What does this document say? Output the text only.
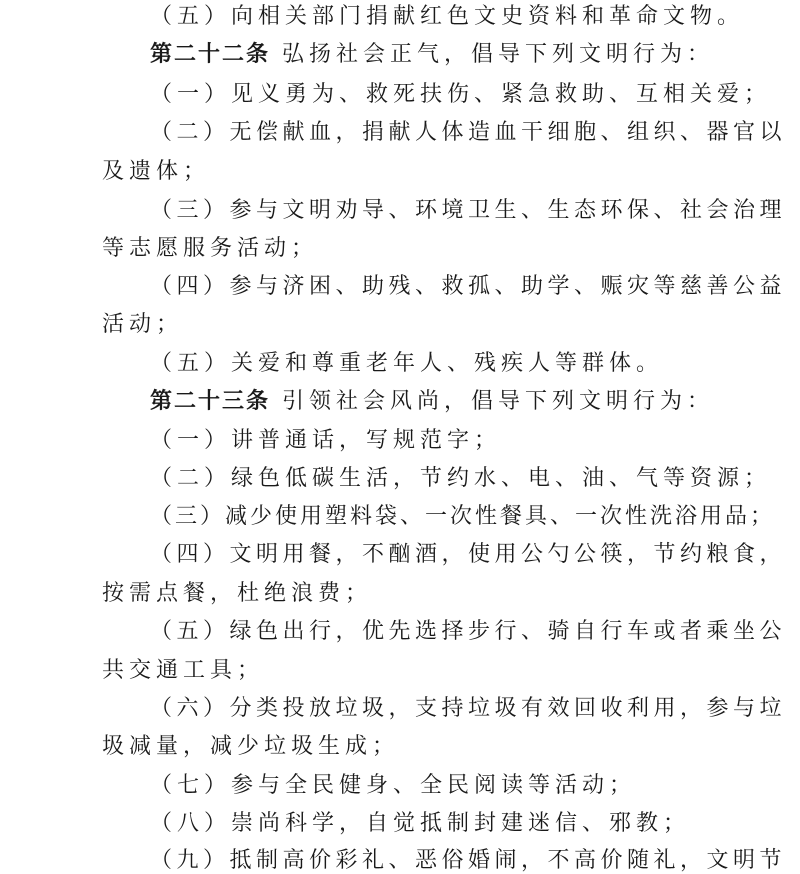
（五）向相关部门捐献红色文史资料和革命文物。
第二十二条 弘扬社会正气，倡导下列文明行为：
（一）见义勇为、救死扶伤、紧急救助、互相关爱；
（二）无偿献血，捐献人体造血干细胞、组织、器官以
及遗体；
（三）参与文明劝导、环境卫生、生态环保、社会治理
等志愿服务活动；
（四）参与济困、助残、救孤、助学、赈灾等慈善公益
活动；
（五）关爱和尊重老年人、残疾人等群体。
第二十三条 引领社会风尚，倡导下列文明行为：
（一）讲普通话，写规范字；
（二）绿色低碳生活，节约水、电、油、气等资源；
（三）减少使用塑料袋、一次性餐具、一次性洗浴用品；
（四）文明用餐，不酗酒，使用公勺公筷，节约粮食，
按需点餐，杜绝浪费；
（五）绿色出行，优先选择步行、骑自行车或者乘坐公
共交通工具；
（六）分类投放垃圾，支持垃圾有效回收利用，参与垃
圾减量，减少垃圾生成；
（七）参与全民健身、全民阅读等活动；
（八）崇尚科学，自觉抵制封建迷信、邪教；
（九）抵制高价彩礼、恶俗婚闹，不高价随礼，文明节
